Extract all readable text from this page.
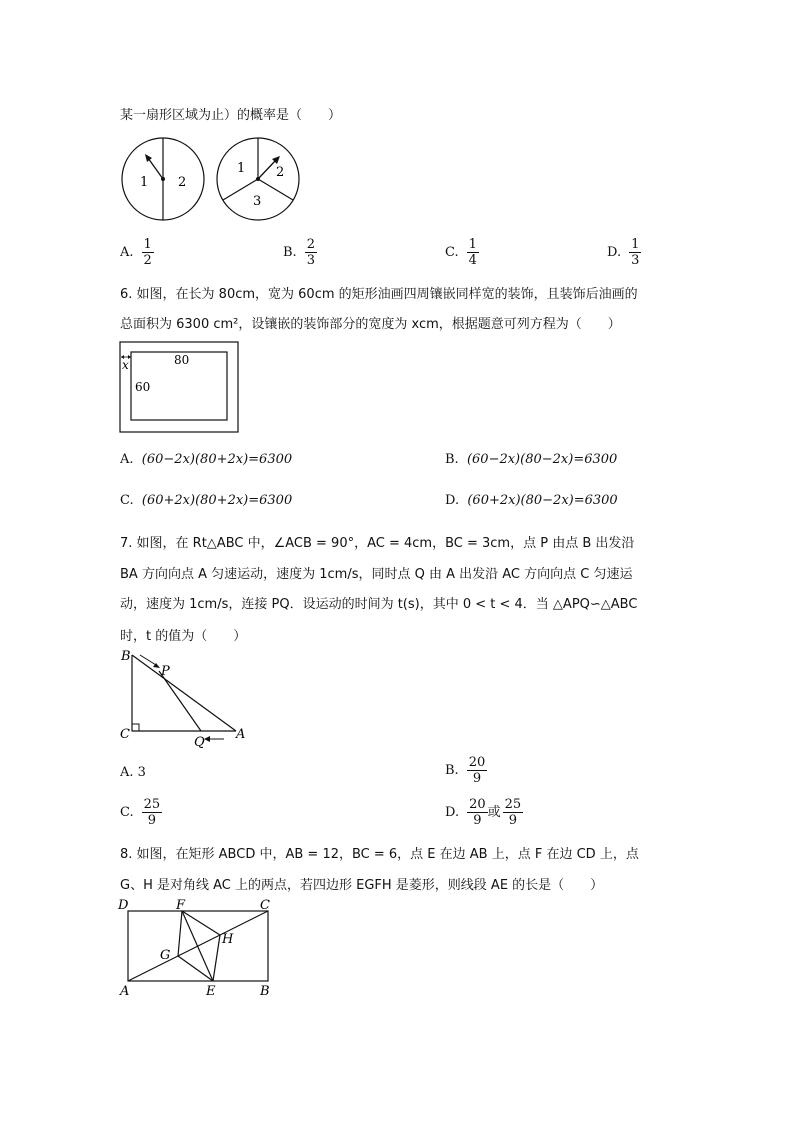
某一扇形区域为止）的概率是（　　）
1 2
1 2
3
A. $\frac{1}{2}$	B. $\frac{2}{3}$	C. $\frac{1}{4}$	D. $\frac{1}{3}$
6. 如图，在长为 80cm，宽为 60cm 的矩形油画四周镶嵌同样宽的装饰，且装饰后油画的
总面积为 6300 cm²，设镶嵌的装饰部分的宽度为 xcm，根据题意可列方程为（　　）
x	80
60
A. (60−2x)(80+2x)=6300	B. (60−2x)(80−2x)=6300
C. (60+2x)(80+2x)=6300	D. (60+2x)(80−2x)=6300
7. 如图，在 Rt△ABC 中，∠ACB = 90°，AC = 4cm，BC = 3cm，点 P 由点 B 出发沿
BA 方向向点 A 匀速运动，速度为 1cm/s，同时点 Q 由 A 出发沿 AC 方向向点 C 匀速运
动，速度为 1cm/s，连接 PQ．设运动的时间为 t(s)，其中 0 < t < 4．当 △APQ∽△ABC
时，t 的值为（　　）
B
P
C
Q
A
A. 3	B. $\frac{20}{9}$
C. $\frac{25}{9}$	D. $\frac{20}{9}$ 或 $\frac{25}{9}$
8. 如图，在矩形 ABCD 中，AB = 12，BC = 6，点 E 在边 AB 上，点 F 在边 CD 上，点
G、H 是对角线 AC 上的两点，若四边形 EGFH 是菱形，则线段 AE 的长是（　　）
D	F	C
G
H
A	E	B
